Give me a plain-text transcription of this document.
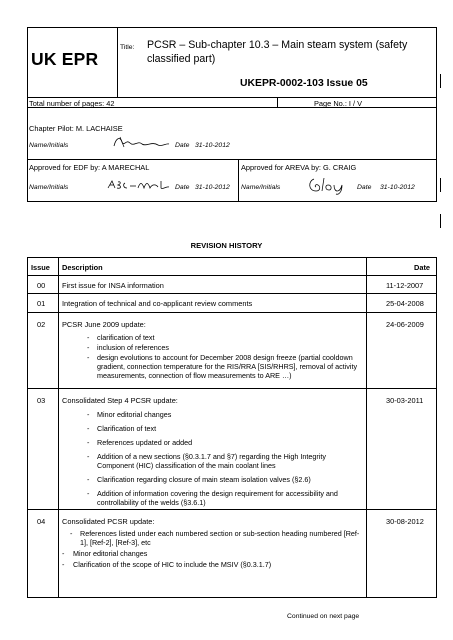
UK EPR
Title: PCSR – Sub-chapter 10.3 – Main steam system (safety
classified part)
UKEPR-0002-103 Issue 05
Total number of pages: 42	Page No.: I / V
Chapter Pilot: M. LACHAISE
Name/Initials	Date 31-10-2012
Approved for EDF by: A MARECHAL
Name/Initials	Date 31-10-2012
Approved for AREVA by: G. CRAIG
Name/Initials	Date 31-10-2012
REVISION HISTORY
Issue Description	Date
00 First issue for INSA information	11-12-2007
01 Integration of technical and co-applicant review comments	25-04-2008
02 PCSR June 2009 update:	24-06-2009
- clarification of text
- inclusion of references
- design evolutions to account for December 2008 design freeze (partial cooldown gradient, connection temperature for the RIS/RRA [SIS/RHRS], removal of activity measurements, connection of flow measurements to ARE …)
03 Consolidated Step 4 PCSR update:	30-03-2011
- Minor editorial changes
- Clarification of text
- References updated or added
- Addition of a new sections (§0.3.1.7 and §7) regarding the High Integrity Component (HIC) classification of the main coolant lines
- Clarification regarding closure of main steam isolation valves (§2.6)
- Addition of information covering the design requirement for accessibility and controllability of the welds (§3.6.1)
04 Consolidated PCSR update:	30-08-2012
- References listed under each numbered section or sub-section heading numbered [Ref-1], [Ref-2], [Ref-3], etc
- Minor editorial changes
- Clarification of the scope of HIC to include the MSIV (§0.3.1.7)
Continued on next page
